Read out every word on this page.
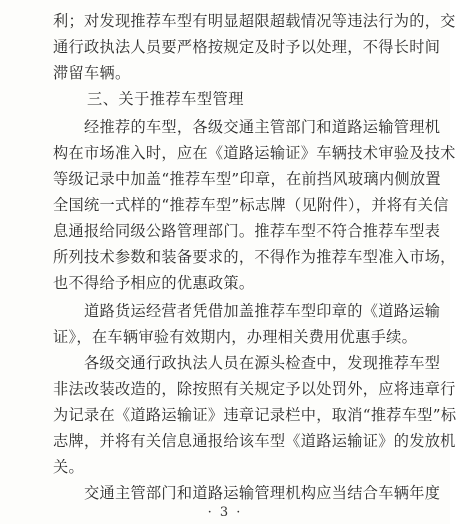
利；对发现推荐车型有明显超限超载情况等违法行为的，交
通行政执法人员要严格按规定及时予以处理，不得长时间
滞留车辆。
三、关于推荐车型管理
经推荐的车型，各级交通主管部门和道路运输管理机
构在市场准入时，应在《道路运输证》车辆技术审验及技术
等级记录中加盖“推荐车型”印章，在前挡风玻璃内侧放置
全国统一式样的“推荐车型”标志牌（见附件），并将有关信
息通报给同级公路管理部门。推荐车型不符合推荐车型表
所列技术参数和装备要求的，不得作为推荐车型准入市场，
也不得给予相应的优惠政策。
道路货运经营者凭借加盖推荐车型印章的《道路运输
证》，在车辆审验有效期内，办理相关费用优惠手续。
各级交通行政执法人员在源头检查中，发现推荐车型
非法改装改造的，除按照有关规定予以处罚外，应将违章行
为记录在《道路运输证》违章记录栏中，取消“推荐车型”标
志牌，并将有关信息通报给该车型《道路运输证》的发放机
关。
· 3 ·
交通主管部门和道路运输管理机构应当结合车辆年度
